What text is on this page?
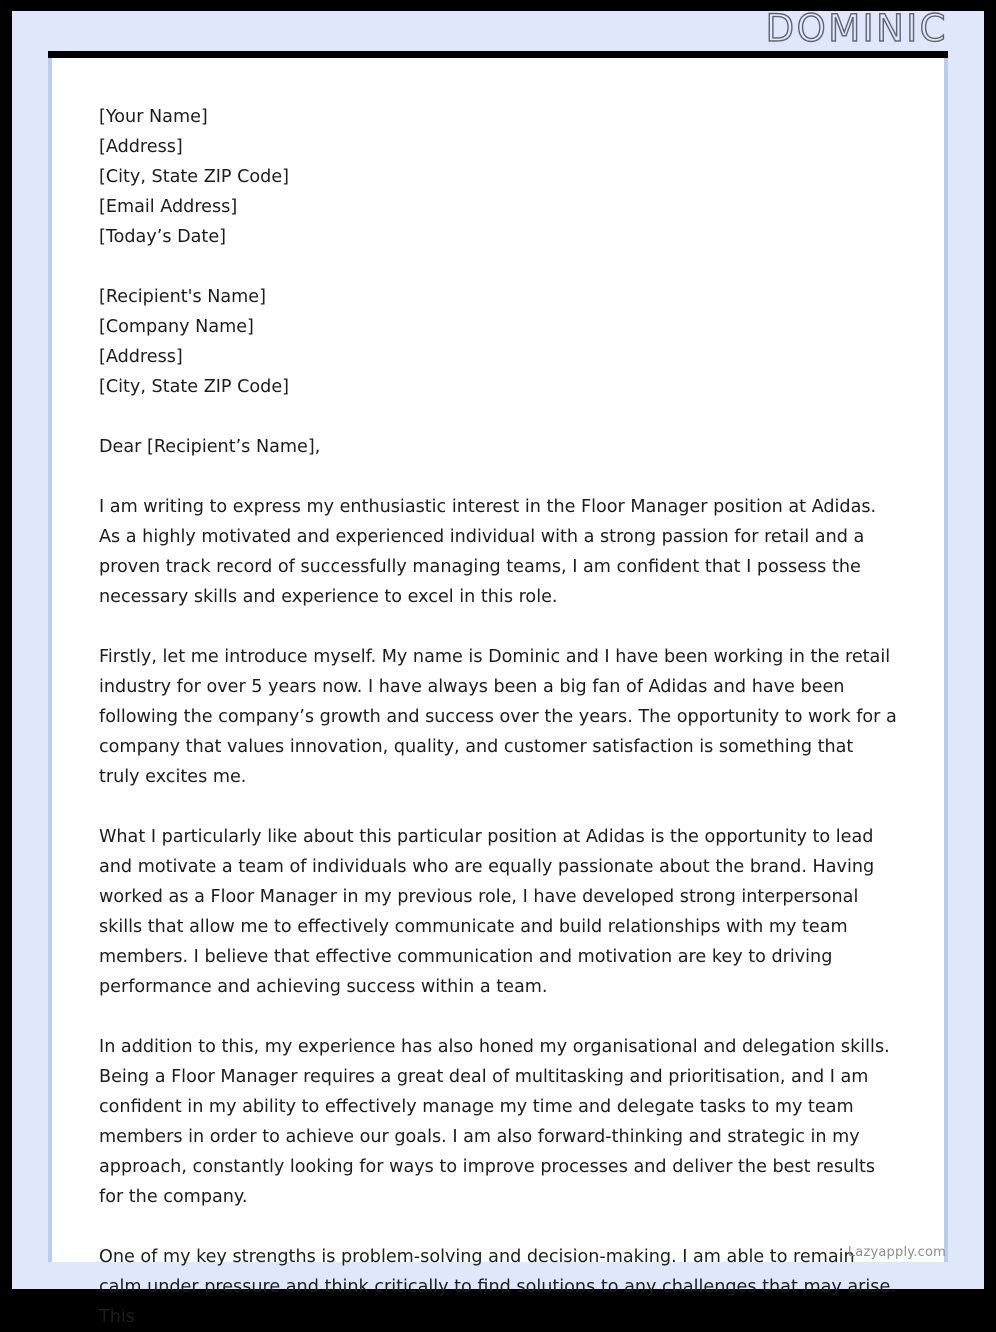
DOMINIC
[Your Name]
[Address]
[City, State ZIP Code]
[Email Address]
[Today’s Date]
[Recipient's Name]
[Company Name]
[Address]
[City, State ZIP Code]

Dear [Recipient’s Name],

I am writing to express my enthusiastic interest in the Floor Manager position at Adidas. As a highly motivated and experienced individual with a strong passion for retail and a proven track record of successfully managing teams, I am confident that I possess the necessary skills and experience to excel in this role.

Firstly, let me introduce myself. My name is Dominic and I have been working in the retail industry for over 5 years now. I have always been a big fan of Adidas and have been following the company’s growth and success over the years. The opportunity to work for a company that values innovation, quality, and customer satisfaction is something that truly excites me.

What I particularly like about this particular position at Adidas is the opportunity to lead and motivate a team of individuals who are equally passionate about the brand. Having worked as a Floor Manager in my previous role, I have developed strong interpersonal skills that allow me to effectively communicate and build relationships with my team members. I believe that effective communication and motivation are key to driving performance and achieving success within a team.

In addition to this, my experience has also honed my organisational and delegation skills. Being a Floor Manager requires a great deal of multitasking and prioritisation, and I am confident in my ability to effectively manage my time and delegate tasks to my team members in order to achieve our goals. I am also forward-thinking and strategic in my approach, constantly looking for ways to improve processes and deliver the best results for the company.

One of my key strengths is problem-solving and decision-making. I am able to remain calm under pressure and think critically to find solutions to any challenges that may arise. This

Lazyapply.com
